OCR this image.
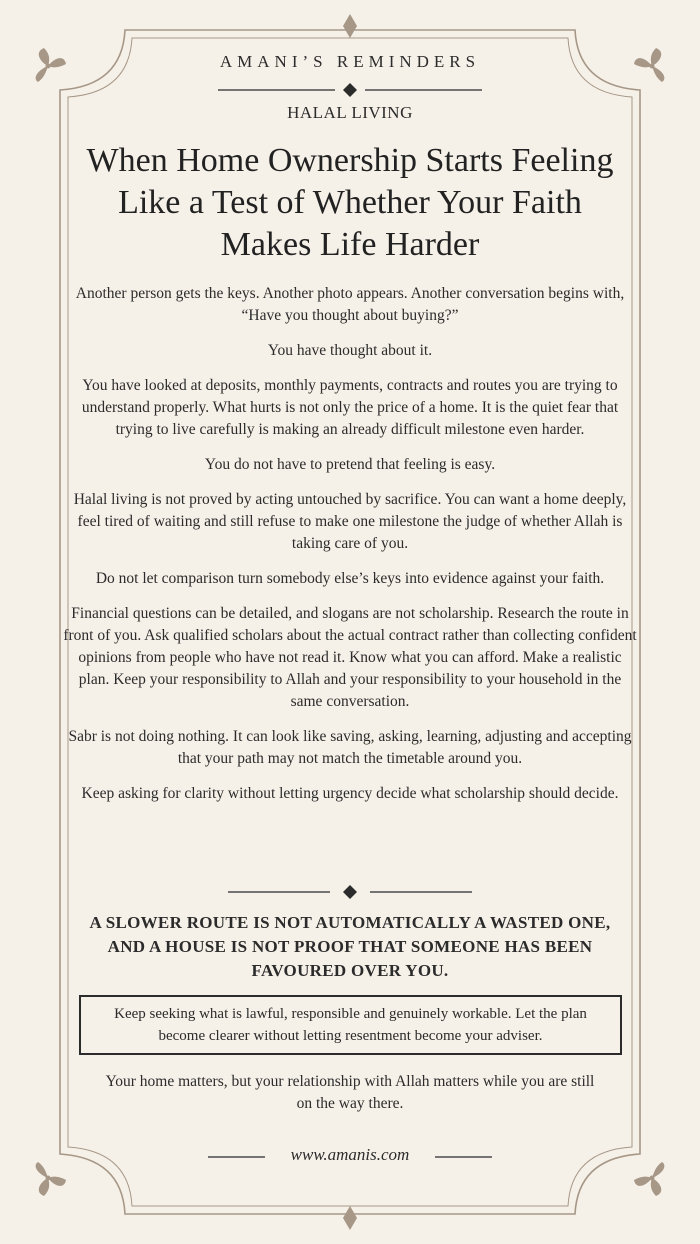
AMANI’S REMINDERS
HALAL LIVING
When Home Ownership Starts Feeling Like a Test of Whether Your Faith Makes Life Harder

Another person gets the keys. Another photo appears. Another conversation begins with, “Have you thought about buying?”

You have thought about it.

You have looked at deposits, monthly payments, contracts and routes you are trying to understand properly. What hurts is not only the price of a home. It is the quiet fear that trying to live carefully is making an already difficult milestone even harder.

You do not have to pretend that feeling is easy.

Halal living is not proved by acting untouched by sacrifice. You can want a home deeply, feel tired of waiting and still refuse to make one milestone the judge of whether Allah is taking care of you.

Do not let comparison turn somebody else’s keys into evidence against your faith.

Financial questions can be detailed, and slogans are not scholarship. Research the route in front of you. Ask qualified scholars about the actual contract rather than collecting confident opinions from people who have not read it. Know what you can afford. Make a realistic plan. Keep your responsibility to Allah and your responsibility to your household in the same conversation.

Sabr is not doing nothing. It can look like saving, asking, learning, adjusting and accepting that your path may not match the timetable around you.

Keep asking for clarity without letting urgency decide what scholarship should decide.

A SLOWER ROUTE IS NOT AUTOMATICALLY A WASTED ONE, AND A HOUSE IS NOT PROOF THAT SOMEONE HAS BEEN FAVOURED OVER YOU.
Keep seeking what is lawful, responsible and genuinely workable. Let the plan become clearer without letting resentment become your adviser.
Your home matters, but your relationship with Allah matters while you are still on the way there.
www.amanis.com
